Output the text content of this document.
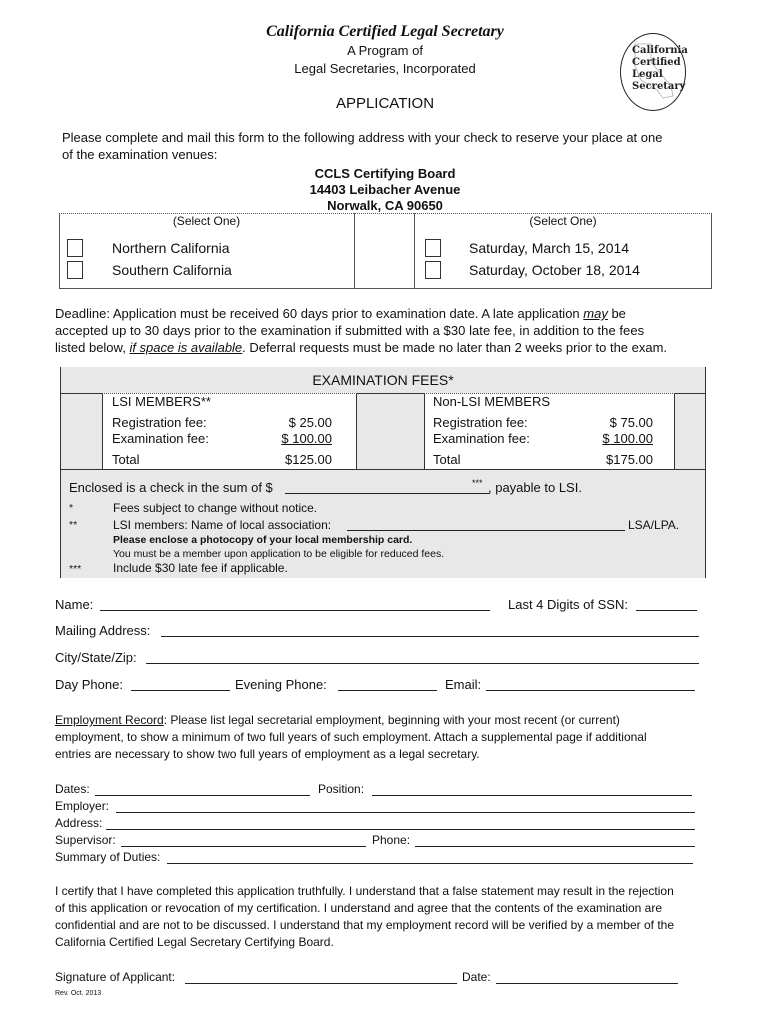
California Certified Legal Secretary
A Program of
Legal Secretaries, Incorporated
APPLICATION
California
Certified
Legal
Secretary
Please complete and mail this form to the following address with your check to reserve your place at one
of the examination venues:
CCLS Certifying Board
14403 Leibacher Avenue
Norwalk, CA 90650
(Select One)
Northern California
Southern California
(Select One)
Saturday, March 15, 2014
Saturday, October 18, 2014
Deadline: Application must be received 60 days prior to examination date. A late application may be
accepted up to 30 days prior to the examination if submitted with a $30 late fee, in addition to the fees
listed below, if space is available. Deferral requests must be made no later than 2 weeks prior to the exam.
EXAMINATION FEES*
LSI MEMBERS**
Registration fee:	$ 25.00
Examination fee:	$ 100.00
Total	$125.00
Non-LSI MEMBERS
Registration fee:	$ 75.00
Examination fee:	$ 100.00
Total	$175.00
Enclosed is a check in the sum of $	*** , payable to LSI.
*	Fees subject to change without notice.
**	LSI members: Name of local association:	LSA/LPA.
Please enclose a photocopy of your local membership card.
You must be a member upon application to be eligible for reduced fees.
***	Include $30 late fee if applicable.
Name:	Last 4 Digits of SSN:
Mailing Address:
City/State/Zip:
Day Phone:	Evening Phone:	Email:
Employment Record: Please list legal secretarial employment, beginning with your most recent (or current)
employment, to show a minimum of two full years of such employment. Attach a supplemental page if additional
entries are necessary to show two full years of employment as a legal secretary.
Dates:	Position:
Employer:
Address:
Supervisor:	Phone:
Summary of Duties:
I certify that I have completed this application truthfully. I understand that a false statement may result in the rejection
of this application or revocation of my certification. I understand and agree that the contents of the examination are
confidential and are not to be discussed. I understand that my employment record will be verified by a member of the
California Certified Legal Secretary Certifying Board.
Signature of Applicant:	Date:
Rev. Oct. 2013
